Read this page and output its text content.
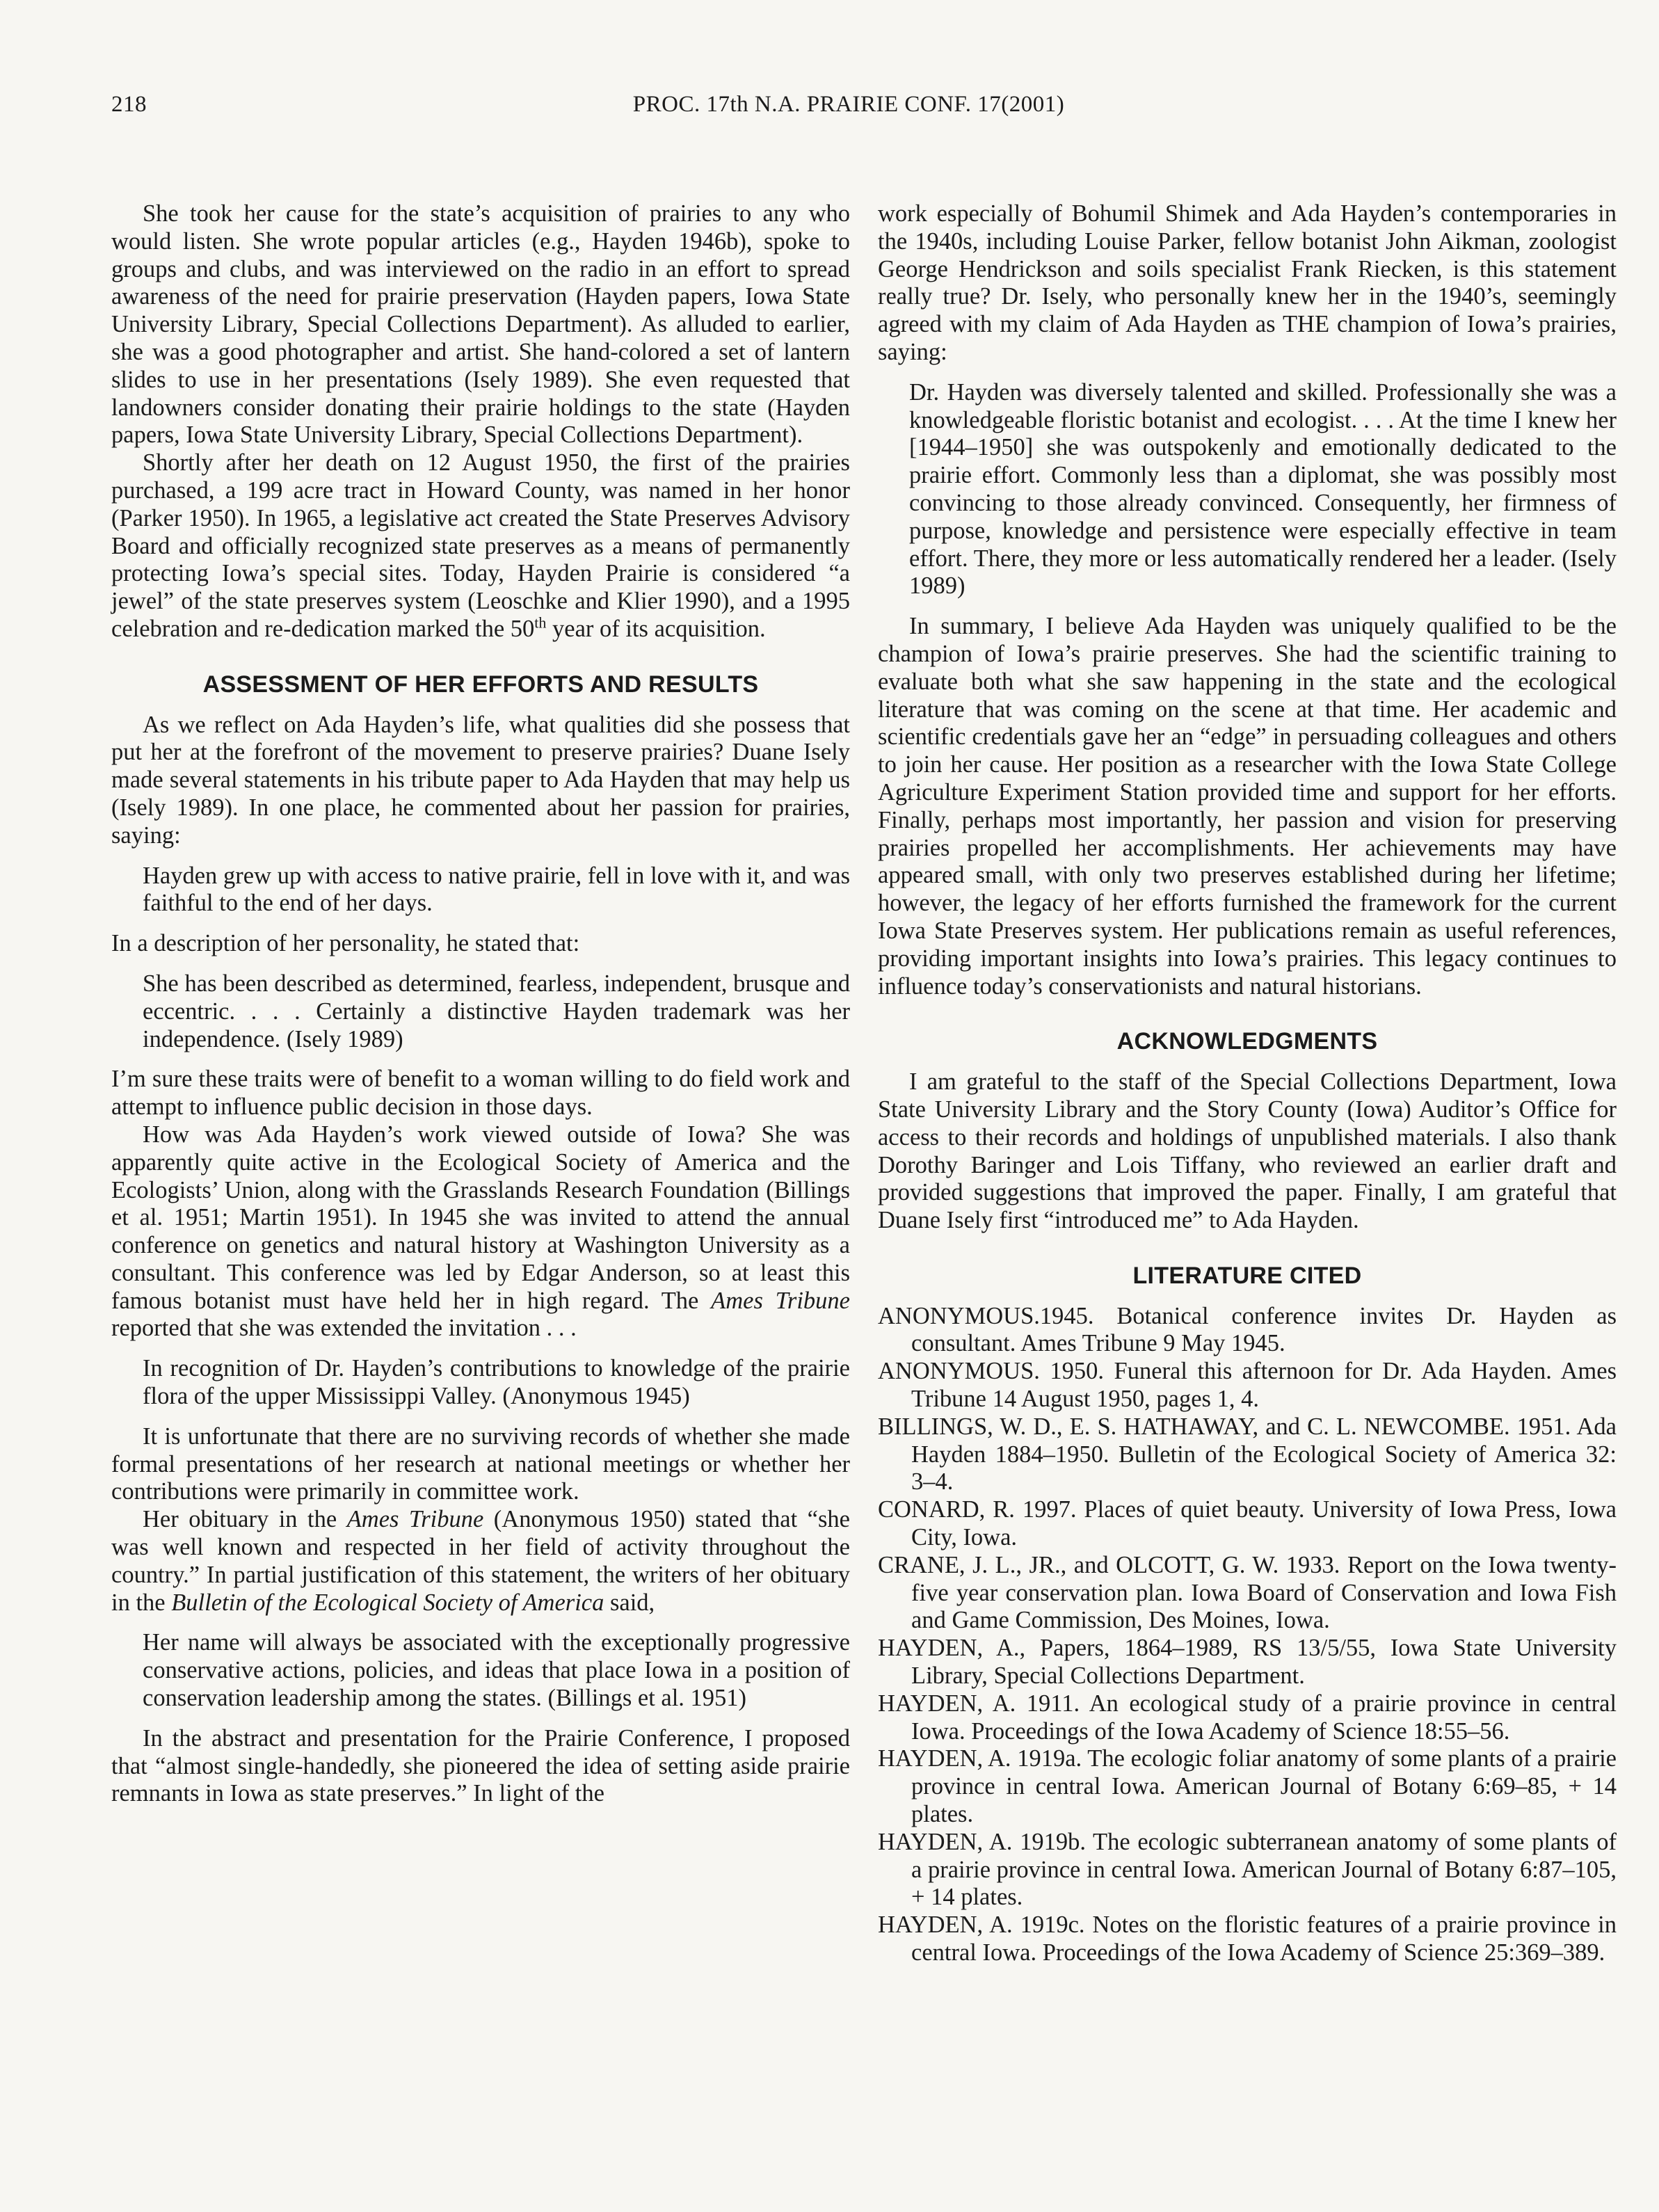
218	PROC. 17th N.A. PRAIRIE CONF. 17(2001)

She took her cause for the state’s acquisition of prairies to any who would listen. She wrote popular articles (e.g., Hayden 1946b), spoke to groups and clubs, and was interviewed on the radio in an effort to spread awareness of the need for prairie preservation (Hayden papers, Iowa State University Library, Special Collections Department). As alluded to earlier, she was a good photographer and artist. She hand-colored a set of lantern slides to use in her presentations (Isely 1989). She even requested that landowners consider donating their prairie holdings to the state (Hayden papers, Iowa State University Library, Special Collections Department).

Shortly after her death on 12 August 1950, the first of the prairies purchased, a 199 acre tract in Howard County, was named in her honor (Parker 1950). In 1965, a legislative act created the State Preserves Advisory Board and officially recognized state preserves as a means of permanently protecting Iowa’s special sites. Today, Hayden Prairie is considered “a jewel” of the state preserves system (Leoschke and Klier 1990), and a 1995 celebration and re-dedication marked the 50th year of its acquisition.

ASSESSMENT OF HER EFFORTS AND RESULTS

As we reflect on Ada Hayden’s life, what qualities did she possess that put her at the forefront of the movement to preserve prairies? Duane Isely made several statements in his tribute paper to Ada Hayden that may help us (Isely 1989). In one place, he commented about her passion for prairies, saying:

Hayden grew up with access to native prairie, fell in love with it, and was faithful to the end of her days.

In a description of her personality, he stated that:

She has been described as determined, fearless, independent, brusque and eccentric. . . . Certainly a distinctive Hayden trademark was her independence. (Isely 1989)

I’m sure these traits were of benefit to a woman willing to do field work and attempt to influence public decision in those days.

How was Ada Hayden’s work viewed outside of Iowa? She was apparently quite active in the Ecological Society of America and the Ecologists’ Union, along with the Grasslands Research Foundation (Billings et al. 1951; Martin 1951). In 1945 she was invited to attend the annual conference on genetics and natural history at Washington University as a consultant. This conference was led by Edgar Anderson, so at least this famous botanist must have held her in high regard. The Ames Tribune reported that she was extended the invitation . . .

In recognition of Dr. Hayden’s contributions to knowledge of the prairie flora of the upper Mississippi Valley. (Anonymous 1945)

It is unfortunate that there are no surviving records of whether she made formal presentations of her research at national meetings or whether her contributions were primarily in committee work.

Her obituary in the Ames Tribune (Anonymous 1950) stated that “she was well known and respected in her field of activity throughout the country.” In partial justification of this statement, the writers of her obituary in the Bulletin of the Ecological Society of America said,

Her name will always be associated with the exceptionally progressive conservative actions, policies, and ideas that place Iowa in a position of conservation leadership among the states. (Billings et al. 1951)

In the abstract and presentation for the Prairie Conference, I proposed that “almost single-handedly, she pioneered the idea of setting aside prairie remnants in Iowa as state preserves.” In light of the

work especially of Bohumil Shimek and Ada Hayden’s contemporaries in the 1940s, including Louise Parker, fellow botanist John Aikman, zoologist George Hendrickson and soils specialist Frank Riecken, is this statement really true? Dr. Isely, who personally knew her in the 1940’s, seemingly agreed with my claim of Ada Hayden as THE champion of Iowa’s prairies, saying:

Dr. Hayden was diversely talented and skilled. Professionally she was a knowledgeable floristic botanist and ecologist. . . . At the time I knew her [1944–1950] she was outspokenly and emotionally dedicated to the prairie effort. Commonly less than a diplomat, she was possibly most convincing to those already convinced. Consequently, her firmness of purpose, knowledge and persistence were especially effective in team effort. There, they more or less automatically rendered her a leader. (Isely 1989)

In summary, I believe Ada Hayden was uniquely qualified to be the champion of Iowa’s prairie preserves. She had the scientific training to evaluate both what she saw happening in the state and the ecological literature that was coming on the scene at that time. Her academic and scientific credentials gave her an “edge” in persuading colleagues and others to join her cause. Her position as a researcher with the Iowa State College Agriculture Experiment Station provided time and support for her efforts. Finally, perhaps most importantly, her passion and vision for preserving prairies propelled her accomplishments. Her achievements may have appeared small, with only two preserves established during her lifetime; however, the legacy of her efforts furnished the framework for the current Iowa State Preserves system. Her publications remain as useful references, providing important insights into Iowa’s prairies. This legacy continues to influence today’s conservationists and natural historians.

ACKNOWLEDGMENTS

I am grateful to the staff of the Special Collections Department, Iowa State University Library and the Story County (Iowa) Auditor’s Office for access to their records and holdings of unpublished materials. I also thank Dorothy Baringer and Lois Tiffany, who reviewed an earlier draft and provided suggestions that improved the paper. Finally, I am grateful that Duane Isely first “introduced me” to Ada Hayden.

LITERATURE CITED

ANONYMOUS.1945. Botanical conference invites Dr. Hayden as consultant. Ames Tribune 9 May 1945.

ANONYMOUS. 1950. Funeral this afternoon for Dr. Ada Hayden. Ames Tribune 14 August 1950, pages 1, 4.

BILLINGS, W. D., E. S. HATHAWAY, and C. L. NEWCOMBE. 1951. Ada Hayden 1884–1950. Bulletin of the Ecological Society of America 32: 3–4.

CONARD, R. 1997. Places of quiet beauty. University of Iowa Press, Iowa City, Iowa.

CRANE, J. L., JR., and OLCOTT, G. W. 1933. Report on the Iowa twenty-five year conservation plan. Iowa Board of Conservation and Iowa Fish and Game Commission, Des Moines, Iowa.

HAYDEN, A., Papers, 1864–1989, RS 13/5/55, Iowa State University Library, Special Collections Department.

HAYDEN, A. 1911. An ecological study of a prairie province in central Iowa. Proceedings of the Iowa Academy of Science 18:55–56.

HAYDEN, A. 1919a. The ecologic foliar anatomy of some plants of a prairie province in central Iowa. American Journal of Botany 6:69–85, + 14 plates.

HAYDEN, A. 1919b. The ecologic subterranean anatomy of some plants of a prairie province in central Iowa. American Journal of Botany 6:87–105, + 14 plates.

HAYDEN, A. 1919c. Notes on the floristic features of a prairie province in central Iowa. Proceedings of the Iowa Academy of Science 25:369–389.
